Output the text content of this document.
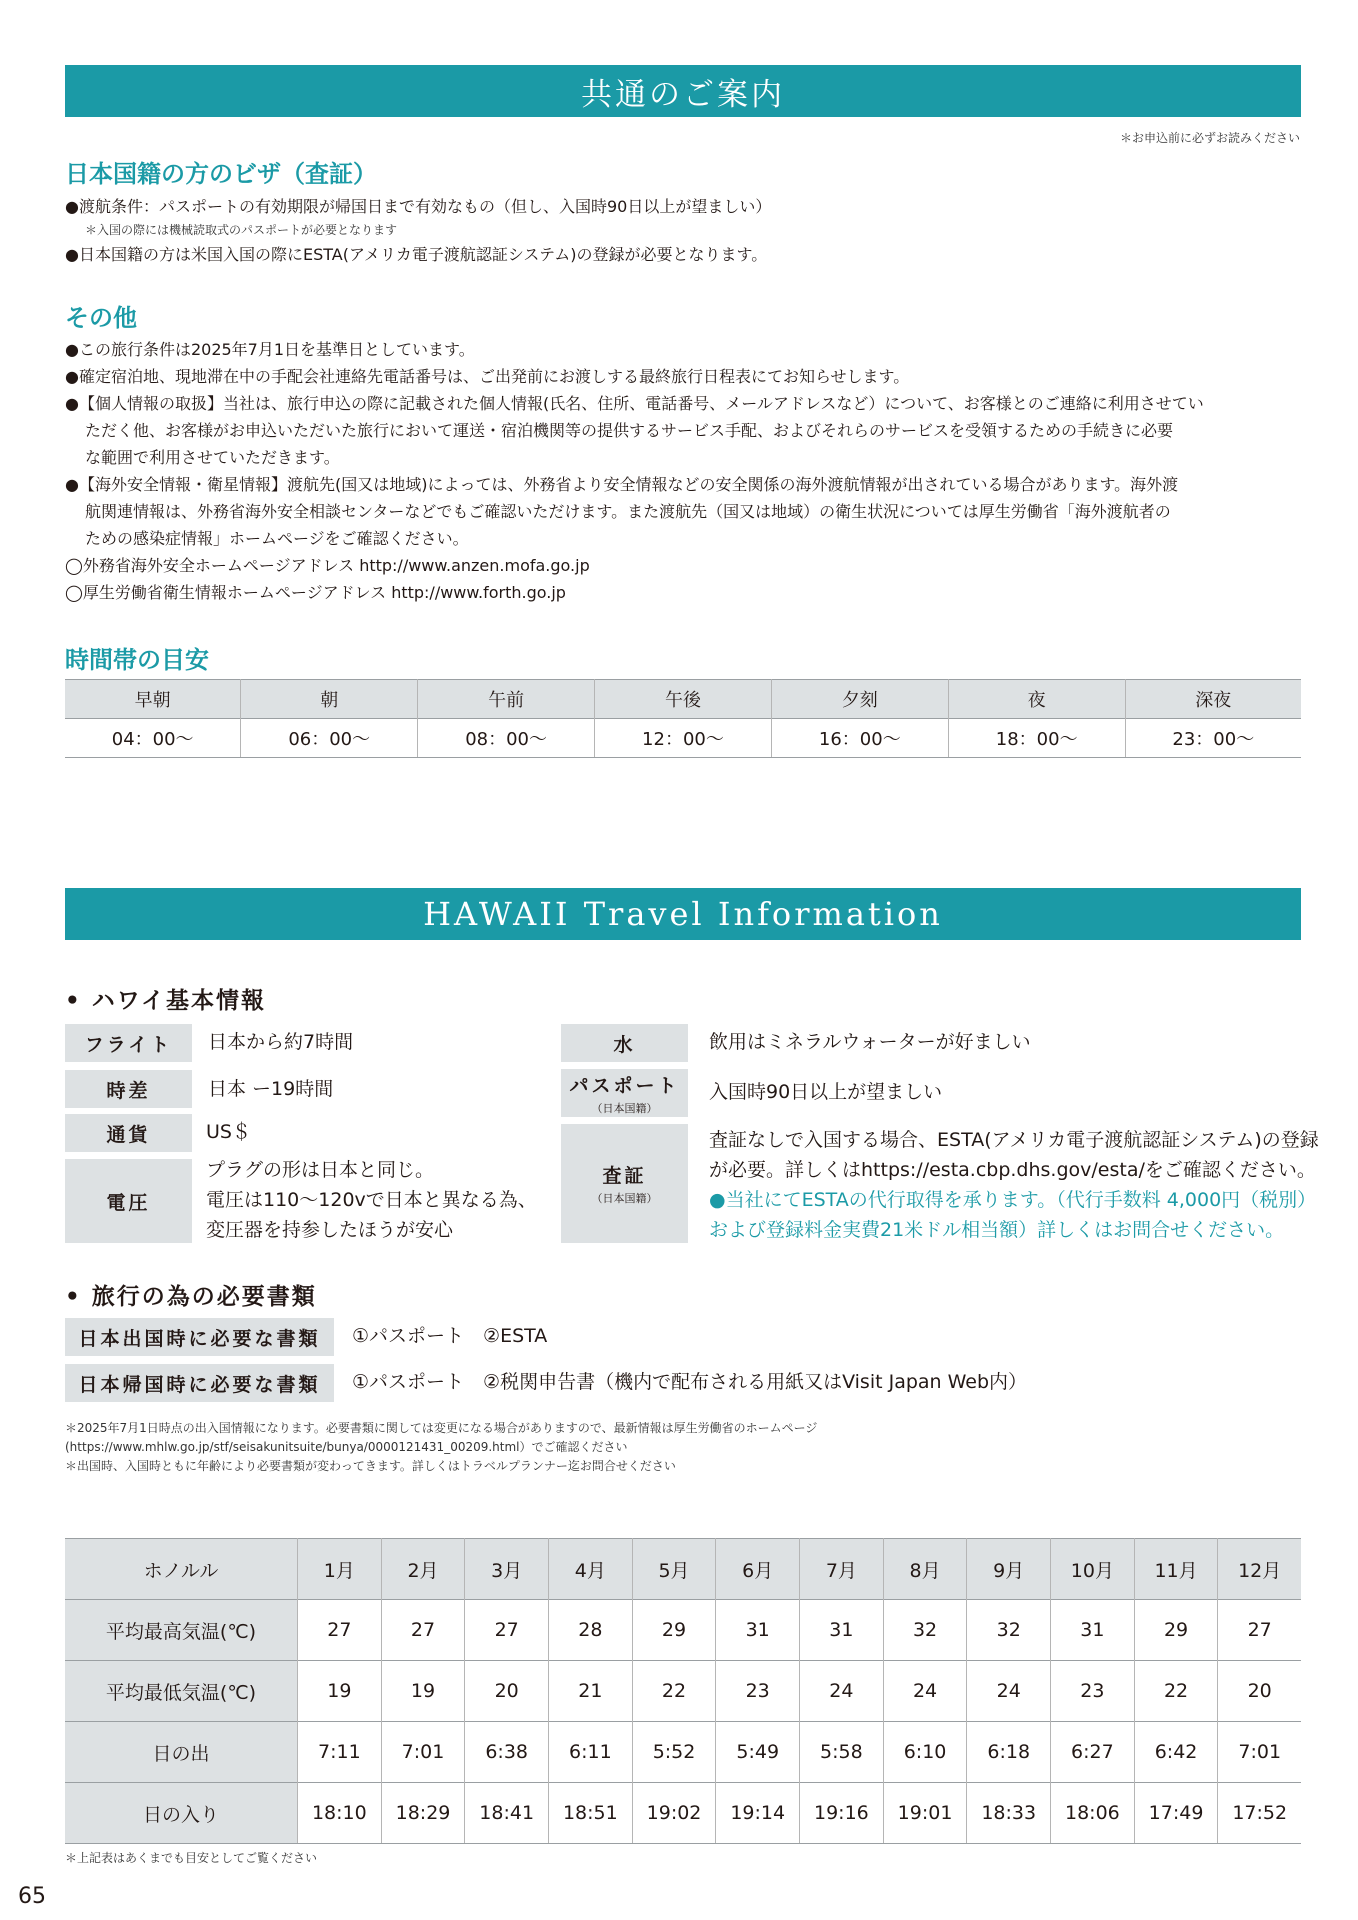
共通のご案内
＊お申込前に必ずお読みください
日本国籍の方のビザ（査証）
●渡航条件：パスポートの有効期限が帰国日まで有効なもの（但し、入国時90日以上が望ましい）
＊入国の際には機械読取式のパスポートが必要となります
●日本国籍の方は米国入国の際にESTA(アメリカ電子渡航認証システム)の登録が必要となります。
その他
●この旅行条件は2025年7月1日を基準日としています。
●確定宿泊地、現地滞在中の手配会社連絡先電話番号は、ご出発前にお渡しする最終旅行日程表にてお知らせします。
●【個人情報の取扱】当社は、旅行申込の際に記載された個人情報(氏名、住所、電話番号、メールアドレスなど）について、お客様とのご連絡に利用させてい
ただく他、お客様がお申込いただいた旅行において運送・宿泊機関等の提供するサービス手配、およびそれらのサービスを受領するための手続きに必要
な範囲で利用させていただきます。
●【海外安全情報・衛星情報】渡航先(国又は地域)によっては、外務省より安全情報などの安全関係の海外渡航情報が出されている場合があります。海外渡
航関連情報は、外務省海外安全相談センターなどでもご確認いただけます。また渡航先（国又は地域）の衛生状況については厚生労働省「海外渡航者の
ための感染症情報」ホームページをご確認ください。
◯外務省海外安全ホームページアドレス http://www.anzen.mofa.go.jp
◯厚生労働省衛生情報ホームページアドレス http://www.forth.go.jp
時間帯の目安
早朝	朝	午前	午後	夕刻	夜	深夜
04：00〜	06：00〜	08：00〜	12：00〜	16：00〜	18：00〜	23：00〜
HAWAII Travel Information
• ハワイ基本情報
フライト 日本から約7時間
時差	日本 ー19時間
通貨	US＄
電圧
プラグの形は日本と同じ。
電圧は110〜120vで日本と異なる為、
変圧器を持参したほうが安心
水	飲用はミネラルウォーターが好ましい
パスポート
（日本国籍）
入国時90日以上が望ましい
査証
（日本国籍）
査証なしで入国する場合、ESTA(アメリカ電子渡航認証システム)の登録
が必要。詳しくはhttps://esta.cbp.dhs.gov/esta/をご確認ください。
●当社にてESTAの代行取得を承ります。（代行手数料 4,000円（税別）
および登録料金実費21米ドル相当額）詳しくはお問合せください。
• 旅行の為の必要書類
日本出国時に必要な書類 ①パスポート　②ESTA
日本帰国時に必要な書類 ①パスポート　②税関申告書（機内で配布される用紙又はVisit Japan Web内）
＊2025年7月1日時点の出入国情報になります。必要書類に関しては変更になる場合がありますので、最新情報は厚生労働省のホームページ
(https://www.mhlw.go.jp/stf/seisakunitsuite/bunya/0000121431_00209.html）でご確認ください
＊出国時、入国時ともに年齢により必要書類が変わってきます。詳しくはトラベルプランナー迄お問合せください
ホノルル	1月	2月	3月	4月	5月	6月	7月	8月	9月	10月	11月	12月
平均最高気温(℃)	27	27	27	28	29	31	31	32	32	31	29	27
平均最低気温(℃)	19	19	20	21	22	23	24	24	24	23	22	20
日の出	7:11	7:01	6:38	6:11	5:52	5:49	5:58	6:10	6:18	6:27	6:42	7:01
日の入り	18:10	18:29	18:41	18:51	19:02	19:14	19:16	19:01	18:33	18:06	17:49	17:52
＊上記表はあくまでも目安としてご覧ください
65
